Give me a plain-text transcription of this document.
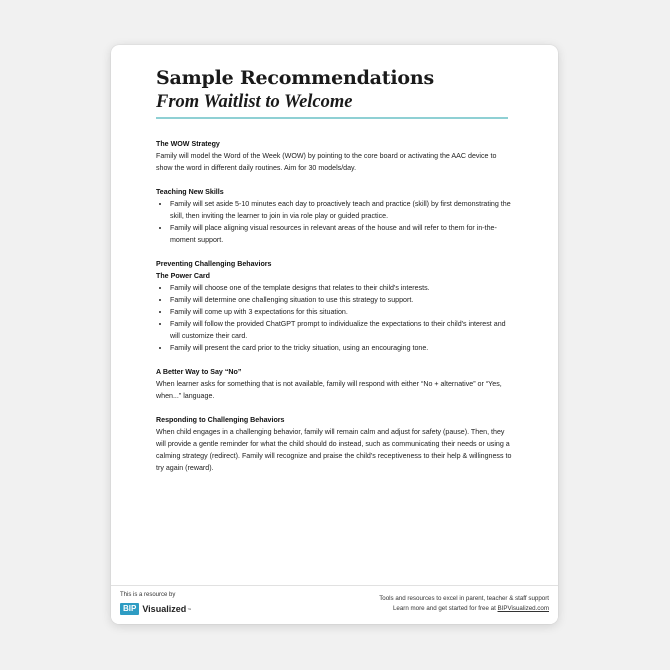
Sample Recommendations
From Waitlist to Welcome

The WOW Strategy

Family will model the Word of the Week (WOW) by pointing to the core board or activating the AAC device to show the word in different daily routines. Aim for 30 models/day.

Teaching New Skills

• Family will set aside 5-10 minutes each day to proactively teach and practice (skill) by first demonstrating the skill, then inviting the learner to join in via role play or guided practice.
• Family will place aligning visual resources in relevant areas of the house and will refer to them for in-the-moment support.

Preventing Challenging Behaviors

The Power Card

• Family will choose one of the template designs that relates to their child's interests.
• Family will determine one challenging situation to use this strategy to support.
• Family will come up with 3 expectations for this situation.
• Family will follow the provided ChatGPT prompt to individualize the expectations to their child's interest and will customize their card.
• Family will present the card prior to the tricky situation, using an encouraging tone.

A Better Way to Say “No”

When learner asks for something that is not available, family will respond with either “No + alternative” or “Yes, when...” language.

Responding to Challenging Behaviors

When child engages in a challenging behavior, family will remain calm and adjust for safety (pause). Then, they will provide a gentle reminder for what the child should do instead, such as communicating their needs or using a calming strategy (redirect). Family will recognize and praise the child's receptiveness to their help & willingness to try again (reward).

This is a resource by
BIP Visualized ™
Tools and resources to excel in parent, teacher & staff support
Learn more and get started for free at BIPVisualized.com
